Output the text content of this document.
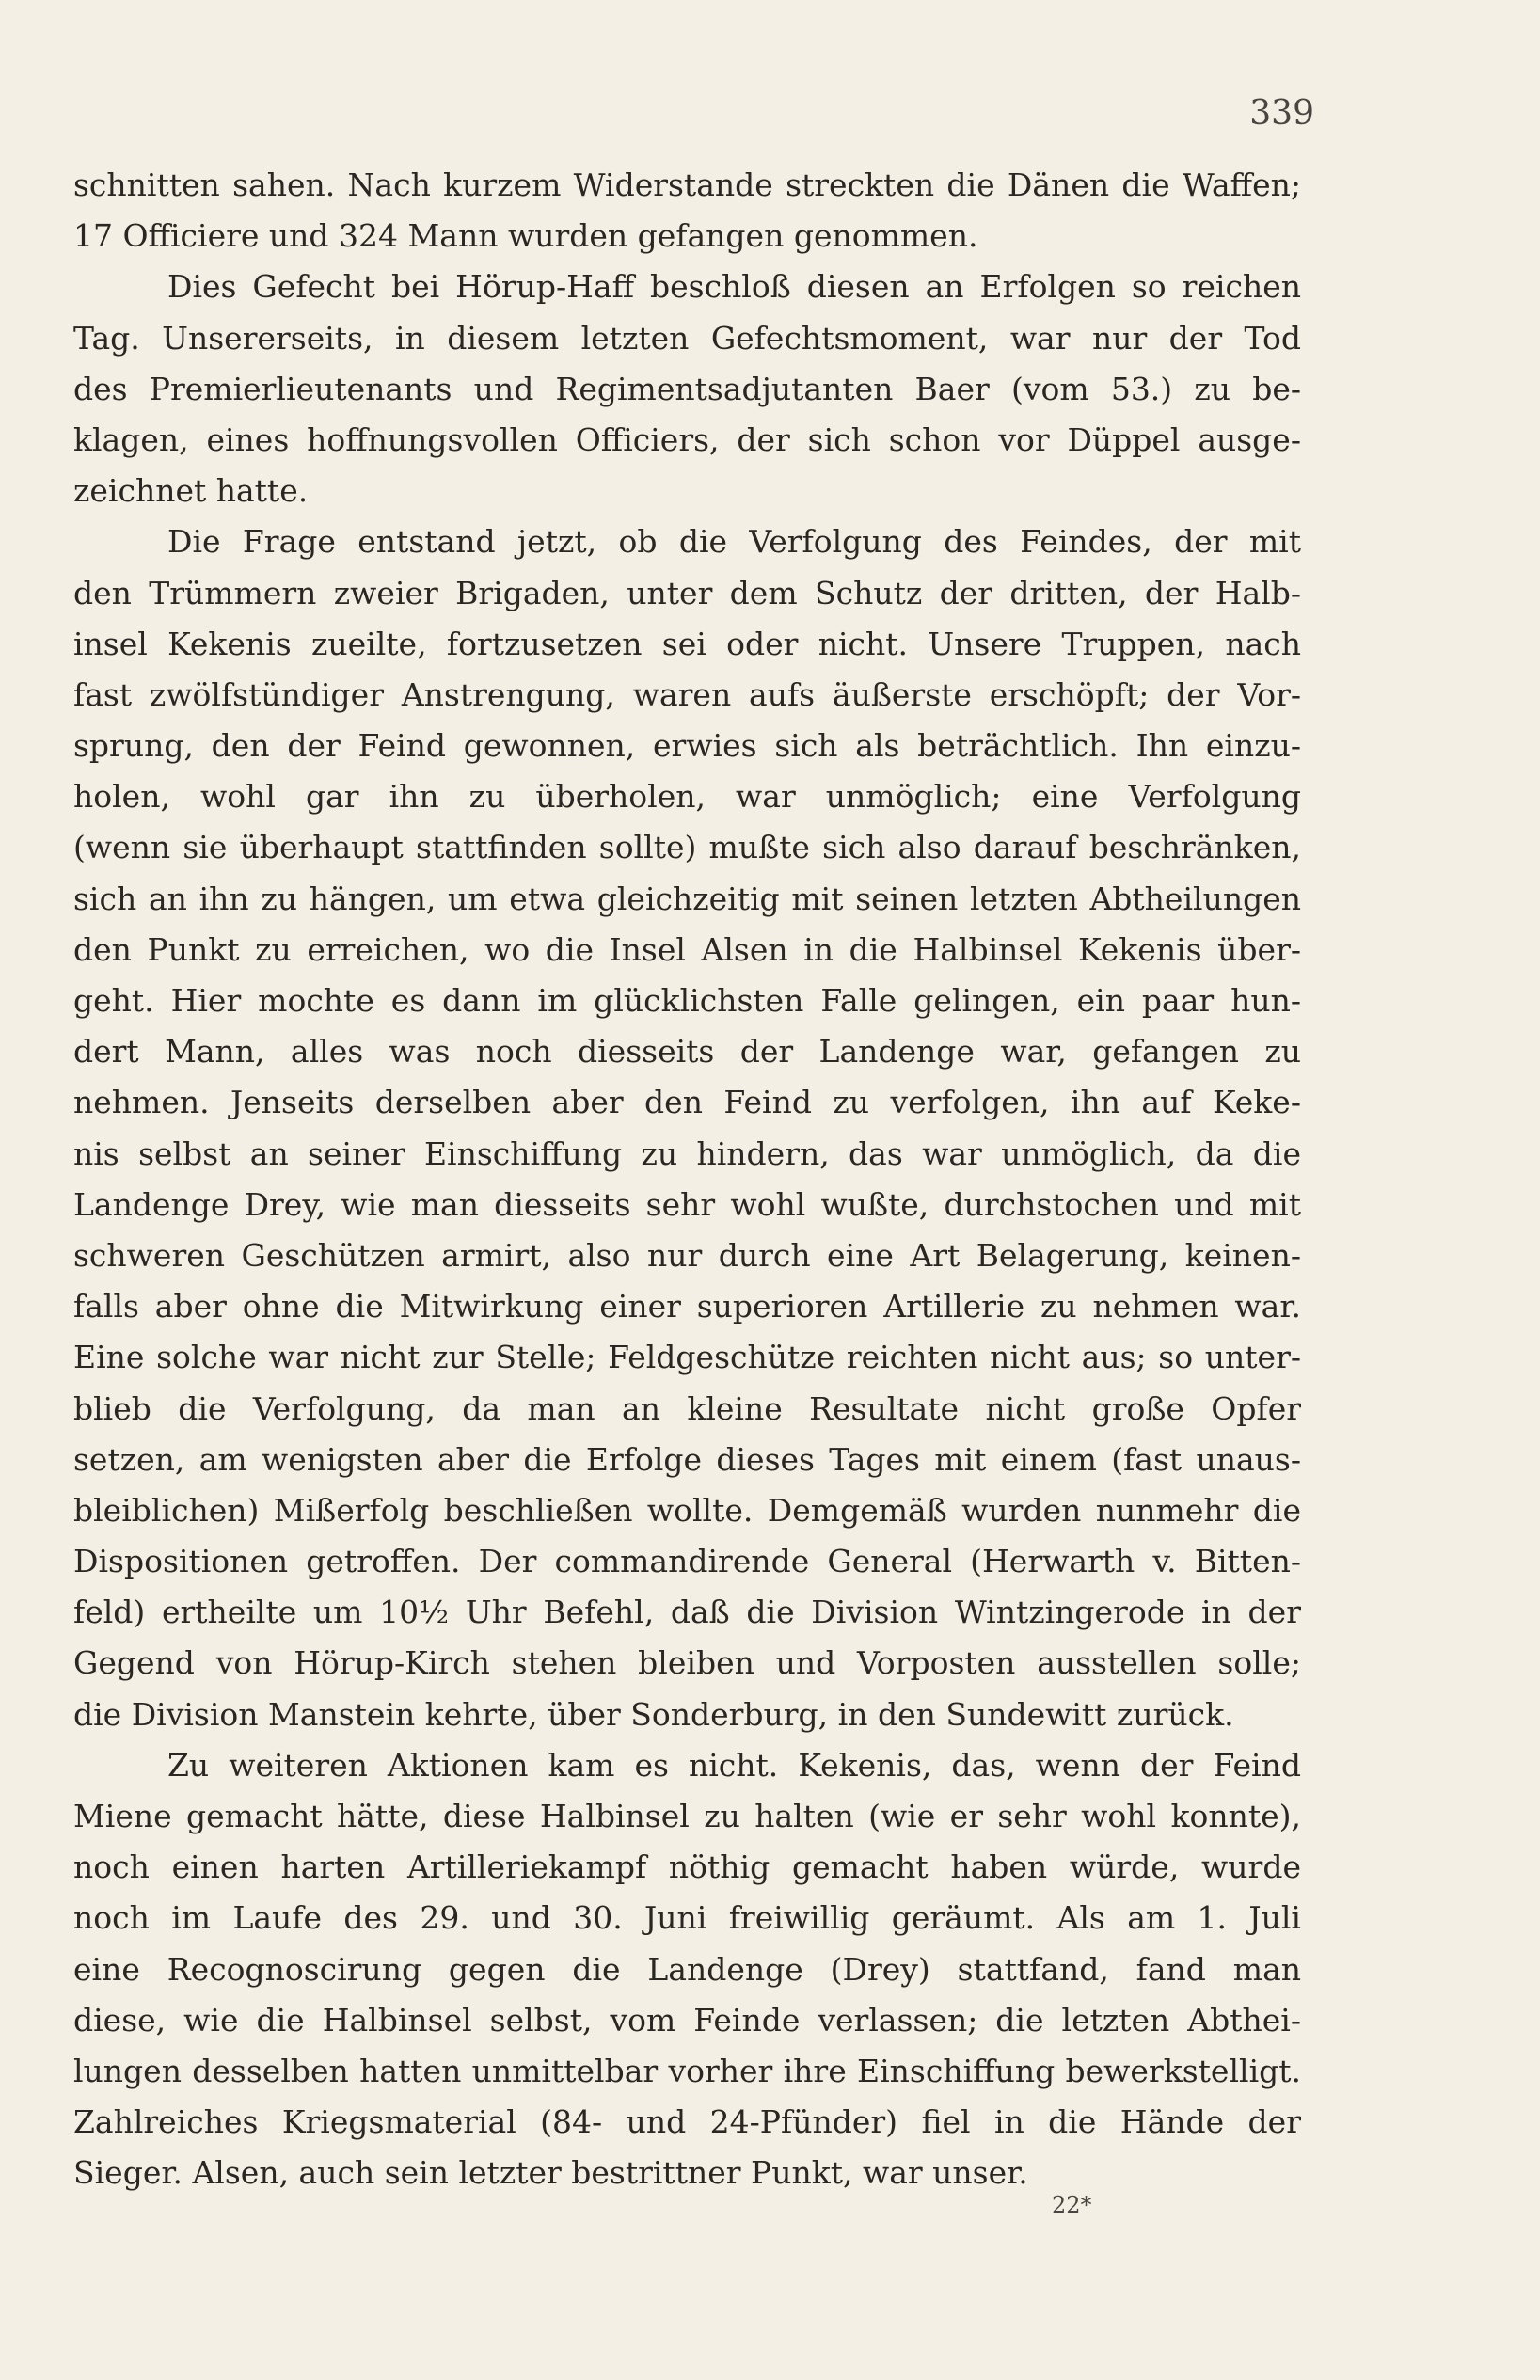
339
schnitten sahen. Nach kurzem Widerstande streckten die Dänen die Waffen;
17 Officiere und 324 Mann wurden gefangen genommen.
Dies Gefecht bei Hörup-Haff beschloß diesen an Erfolgen so reichen
Tag. Unsererseits, in diesem letzten Gefechtsmoment, war nur der Tod
des Premierlieutenants und Regimentsadjutanten Baer (vom 53.) zu be-
klagen, eines hoffnungsvollen Officiers, der sich schon vor Düppel ausge-
zeichnet hatte.
Die Frage entstand jetzt, ob die Verfolgung des Feindes, der mit
den Trümmern zweier Brigaden, unter dem Schutz der dritten, der Halb-
insel Kekenis zueilte, fortzusetzen sei oder nicht. Unsere Truppen, nach
fast zwölfstündiger Anstrengung, waren aufs äußerste erschöpft; der Vor-
sprung, den der Feind gewonnen, erwies sich als beträchtlich. Ihn einzu-
holen, wohl gar ihn zu überholen, war unmöglich; eine Verfolgung
(wenn sie überhaupt stattfinden sollte) mußte sich also darauf beschränken,
sich an ihn zu hängen, um etwa gleichzeitig mit seinen letzten Abtheilungen
den Punkt zu erreichen, wo die Insel Alsen in die Halbinsel Kekenis über-
geht. Hier mochte es dann im glücklichsten Falle gelingen, ein paar hun-
dert Mann, alles was noch diesseits der Landenge war, gefangen zu
nehmen. Jenseits derselben aber den Feind zu verfolgen, ihn auf Keke-
nis selbst an seiner Einschiffung zu hindern, das war unmöglich, da die
Landenge Drey, wie man diesseits sehr wohl wußte, durchstochen und mit
schweren Geschützen armirt, also nur durch eine Art Belagerung, keinen-
falls aber ohne die Mitwirkung einer superioren Artillerie zu nehmen war.
Eine solche war nicht zur Stelle; Feldgeschütze reichten nicht aus; so unter-
blieb die Verfolgung, da man an kleine Resultate nicht große Opfer
setzen, am wenigsten aber die Erfolge dieses Tages mit einem (fast unaus-
bleiblichen) Mißerfolg beschließen wollte. Demgemäß wurden nunmehr die
Dispositionen getroffen. Der commandirende General (Herwarth v. Bitten-
feld) ertheilte um 10½ Uhr Befehl, daß die Division Wintzingerode in der
Gegend von Hörup-Kirch stehen bleiben und Vorposten ausstellen solle;
die Division Manstein kehrte, über Sonderburg, in den Sundewitt zurück.
Zu weiteren Aktionen kam es nicht. Kekenis, das, wenn der Feind
Miene gemacht hätte, diese Halbinsel zu halten (wie er sehr wohl konnte),
noch einen harten Artilleriekampf nöthig gemacht haben würde, wurde
noch im Laufe des 29. und 30. Juni freiwillig geräumt. Als am 1. Juli
eine Recognoscirung gegen die Landenge (Drey) stattfand, fand man
diese, wie die Halbinsel selbst, vom Feinde verlassen; die letzten Abthei-
lungen desselben hatten unmittelbar vorher ihre Einschiffung bewerkstelligt.
Zahlreiches Kriegsmaterial (84- und 24-Pfünder) fiel in die Hände der
Sieger. Alsen, auch sein letzter bestrittner Punkt, war unser.
22*
